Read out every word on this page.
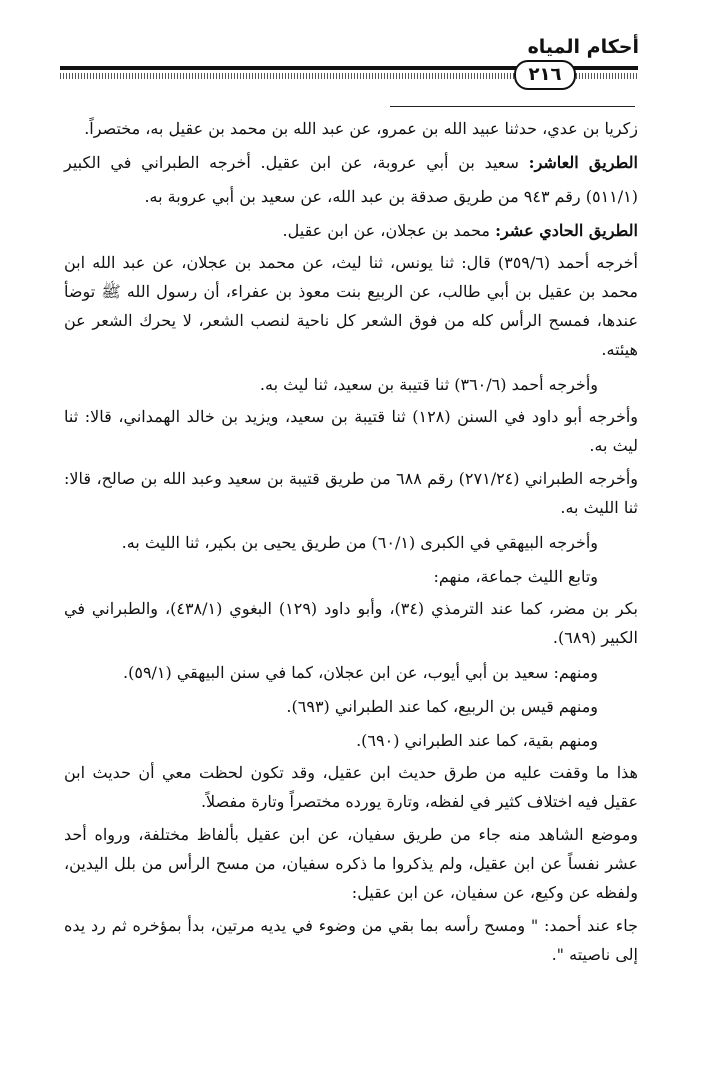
أحكام المياه
٢١٦

زكريا بن عدي، حدثنا عبيد الله بن عمرو، عن عبد الله بن محمد بن عقيل به، مختصراً.

الطريق العاشر: سعيد بن أبي عروبة، عن ابن عقيل. أخرجه الطبراني في الكبير (٥١١/١) رقم ٩٤٣ من طريق صدقة بن عبد الله، عن سعيد بن أبي عروبة به.

الطريق الحادي عشر: محمد بن عجلان، عن ابن عقيل.

أخرجه أحمد (٣٥٩/٦) قال: ثنا يونس، ثنا ليث، عن محمد بن عجلان، عن عبد الله ابن محمد بن عقيل بن أبي طالب، عن الربيع بنت معوذ بن عفراء، أن رسول الله ﷺ توضأ عندها، فمسح الرأس كله من فوق الشعر كل ناحية لنصب الشعر، لا يحرك الشعر عن هيئته.

وأخرجه أحمد (٣٦٠/٦) ثنا قتيبة بن سعيد، ثنا ليث به.

وأخرجه أبو داود في السنن (١٢٨) ثنا قتيبة بن سعيد، ويزيد بن خالد الهمداني، قالا: ثنا ليث به.

وأخرجه الطبراني (٢٧١/٢٤) رقم ٦٨٨ من طريق قتيبة بن سعيد وعبد الله بن صالح، قالا: ثنا الليث به.

وأخرجه البيهقي في الكبرى (٦٠/١) من طريق يحيى بن بكير، ثنا الليث به.

وتابع الليث جماعة، منهم:

بكر بن مضر، كما عند الترمذي (٣٤)، وأبو داود (١٢٩) البغوي (٤٣٨/١)، والطبراني في الكبير (٦٨٩).

ومنهم: سعيد بن أبي أيوب، عن ابن عجلان، كما في سنن البيهقي (٥٩/١).

ومنهم قيس بن الربيع، كما عند الطبراني (٦٩٣).

ومنهم بقية، كما عند الطبراني (٦٩٠).

هذا ما وقفت عليه من طرق حديث ابن عقيل، وقد تكون لحظت معي أن حديث ابن عقيل فيه اختلاف كثير في لفظه، وتارة يورده مختصراً وتارة مفصلاً.

وموضع الشاهد منه جاء من طريق سفيان، عن ابن عقيل بألفاظ مختلفة، ورواه أحد عشر نفساً عن ابن عقيل، ولم يذكروا ما ذكره سفيان، من مسح الرأس من بلل اليدين، ولفظه عن وكيع، عن سفيان، عن ابن عقيل:

جاء عند أحمد: " ومسح رأسه بما بقي من وضوء في يديه مرتين، بدأ بمؤخره ثم رد يده إلى ناصيته ".
